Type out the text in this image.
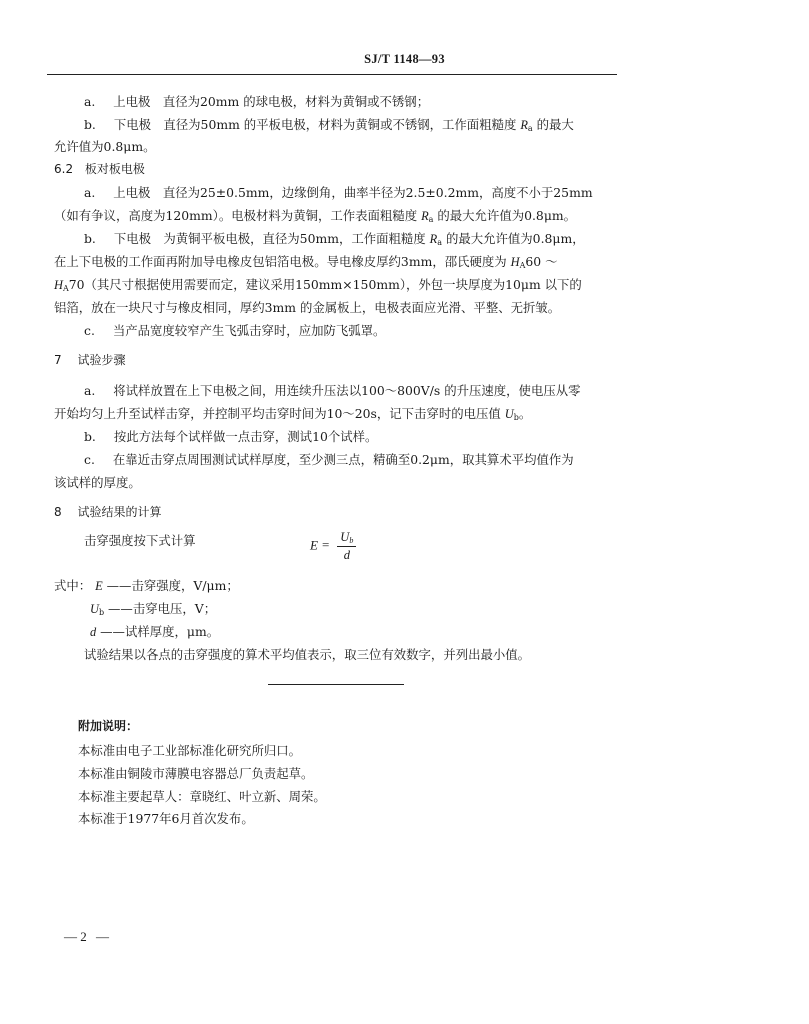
SJ/T 1148—93
a. 上电极　直径为20mm 的球电极，材料为黄铜或不锈钢；
b. 下电极　直径为50mm 的平板电极，材料为黄铜或不锈钢，工作面粗糙度 $R_a$ 的最大
允许值为0.8μm。
6.2 板对板电极
a. 上电极　直径为25±0.5mm，边缘倒角，曲率半径为2.5±0.2mm，高度不小于25mm
（如有争议，高度为120mm）。电极材料为黄铜，工作表面粗糙度 $R_a$ 的最大允许值为0.8μm。
b. 下电极　为黄铜平板电极，直径为50mm，工作面粗糙度 $R_a$ 的最大允许值为0.8μm，
在上下电极的工作面再附加导电橡皮包铝箔电极。导电橡皮厚约3mm，邵氏硬度为 $H_A60$ ～
$H_A70$（其尺寸根据使用需要而定，建议采用150mm×150mm），外包一块厚度为10μm 以下的
铝箔，放在一块尺寸与橡皮相同，厚约3mm 的金属板上，电极表面应光滑、平整、无折皱。
c. 当产品宽度较窄产生飞弧击穿时，应加防飞弧罩。
7 试验步骤
a. 将试样放置在上下电极之间，用连续升压法以100～800V/s 的升压速度，使电压从零
开始均匀上升至试样击穿，并控制平均击穿时间为10～20s，记下击穿时的电压值 $U_b$。
b. 按此方法每个试样做一点击穿，测试10个试样。
c. 在靠近击穿点周围测试试样厚度，至少测三点，精确至0.2μm，取其算术平均值作为
该试样的厚度。
8 试验结果的计算
击穿强度按下式计算	$E = \frac{U_b}{d}$
式中： E ——击穿强度，V/μm；
$U_b$ ——击穿电压，V；
d ——试样厚度，μm。
试验结果以各点的击穿强度的算术平均值表示，取三位有效数字，并列出最小值。
附加说明：
本标准由电子工业部标准化研究所归口。
本标准由铜陵市薄膜电容器总厂负责起草。
本标准主要起草人：章晓红、叶立新、周荣。
本标准于1977年6月首次发布。
— 2 —
